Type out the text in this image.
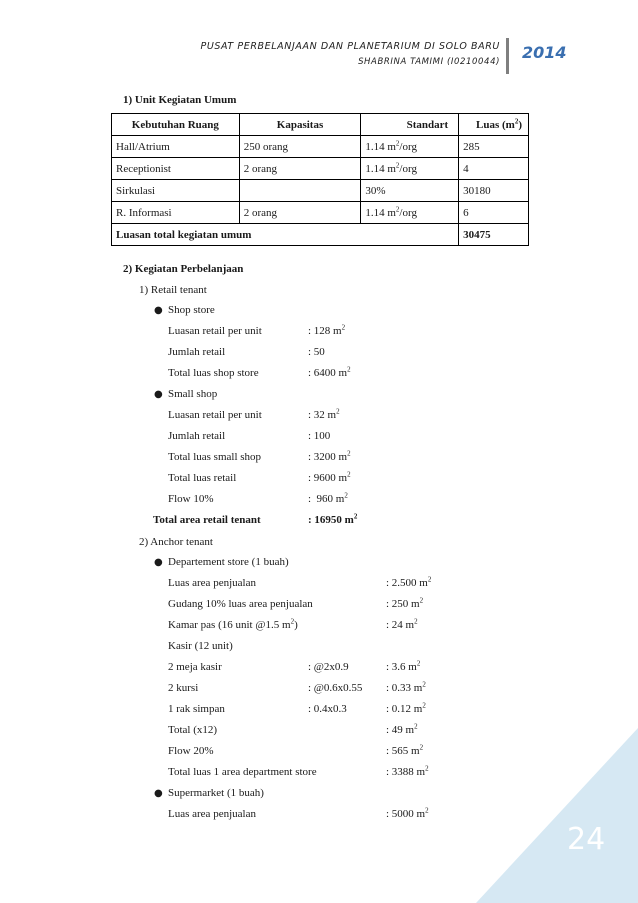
PUSAT PERBELANJAAN DAN PLANETARIUM DI SOLO BARU
SHABRINA TAMIMI (I0210044) 2014
1) Unit Kegiatan Umum
Kebutuhan Ruang	Kapasitas	Standart	Luas $(m^2)$
Hall/Atrium	250 orang	1.14 $m^2$/org	285
Receptionist	2 orang	1.14 $m^2$/org	4
Sirkulasi		30%	30180
R. Informasi	2 orang	1.14 $m^2$/org	6
Luasan total kegiatan umum			30475
2) Kegiatan Perbelanjaan
1) Retail tenant
● Shop store
Luasan retail per unit	: 128 $m^2$
Jumlah retail	: 50
Total luas shop store	: 6400 $m^2$
● Small shop
Luasan retail per unit	: 32 $m^2$
Jumlah retail	: 100
Total luas small shop	: 3200 $m^2$
Total luas retail	: 9600 $m^2$
Flow 10%	:  960 $m^2$
Total area retail tenant	: 16950 $m^2$
2) Anchor tenant
● Departement store (1 buah)
Luas area penjualan	: 2.500 $m^2$
Gudang 10% luas area penjualan	: 250 $m^2$
Kamar pas (16 unit @1.5 $m^2$)	: 24 $m^2$
Kasir (12 unit)
2 meja kasir	: @2x0.9	: 3.6 $m^2$
2 kursi	: @0.6x0.55 : 0.33 $m^2$
1 rak simpan	: 0.4x0.3	: 0.12 $m^2$
Total (x12)	: 49 $m^2$
Flow 20%	: 565 $m^2$
Total luas 1 area department store	: 3388 $m^2$
● Supermarket (1 buah)
Luas area penjualan	: 5000 $m^2$
24
